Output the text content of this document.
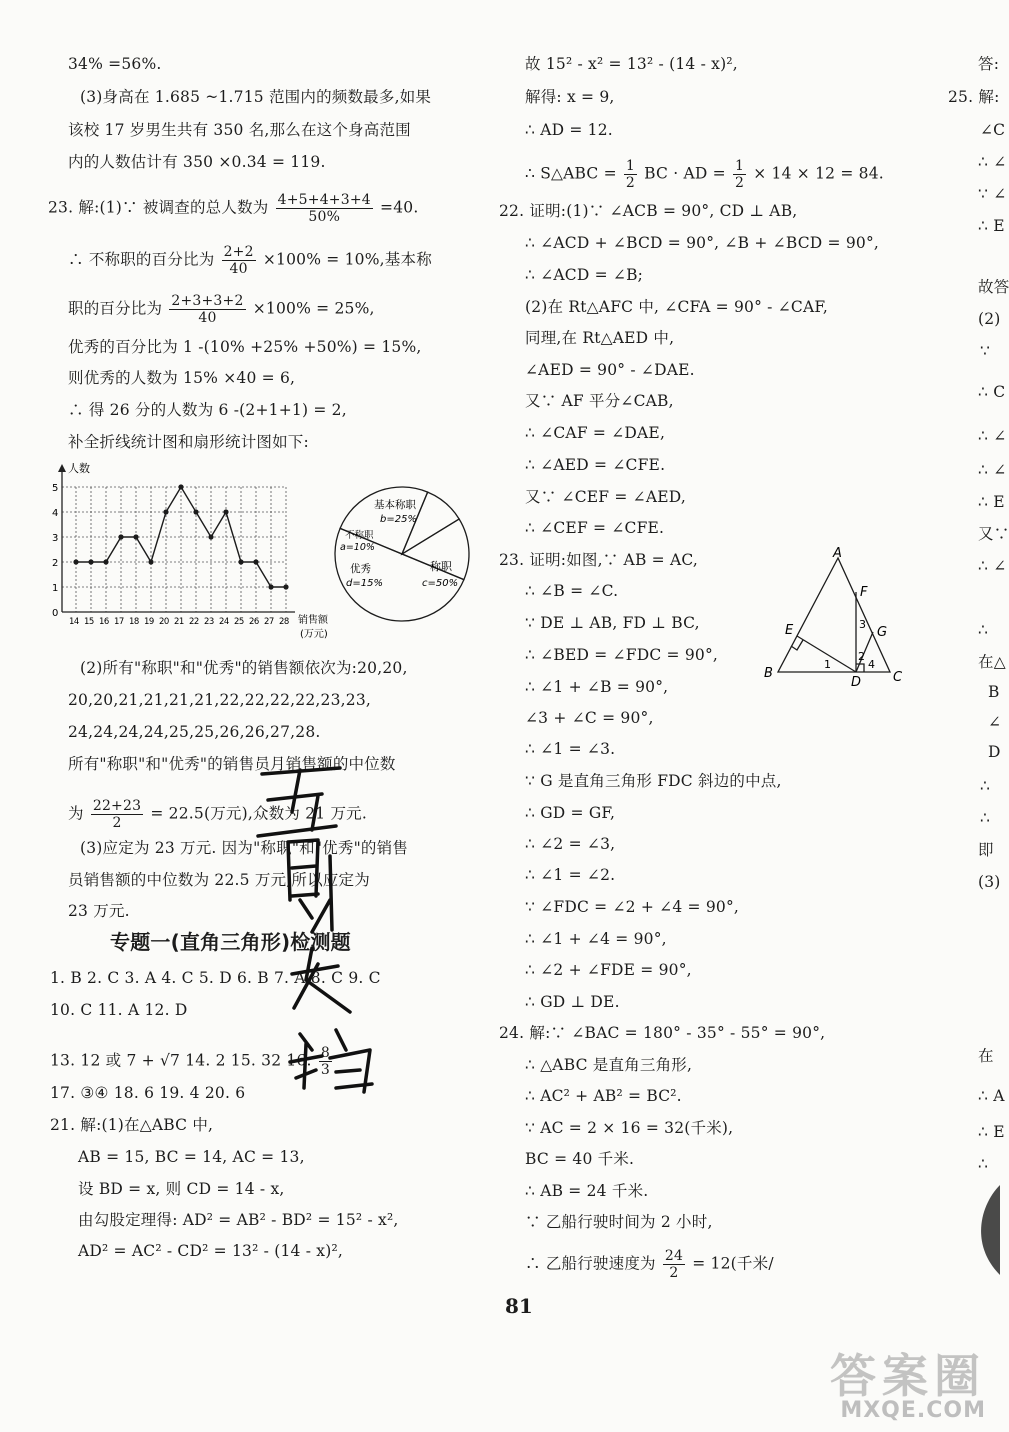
34% =56%.
(3)身高在 1.685 ~1.715 范围内的频数最多,如果
该校 17 岁男生共有 350 名,那么在这个身高范围
内的人数估计有 350 ×0.34 = 119.
23. 解:(1)∵ 被调查的总人数为 $\frac{4+5+4+3+4}{50\%} =40$.
∴ 不称职的百分比为 $\frac{2+2}{40} \times 100\% = 10\%$,基本称
职的百分比为 $\frac{2+3+3+2}{40} \times 100\% = 25\%$,
优秀的百分比为 1 -(10% +25% +50%) = 15%,
则优秀的人数为 15% ×40 = 6,
∴ 得 26 分的人数为 6 -(2+1+1) = 2,
补全折线统计图和扇形统计图如下:
人数
销售额
(万元)
0
1
2
3
4
5
14 15 16 17 18 19 20 21 22 23 24 25 26 27 28
基本称职
b=25%
不称职
a=10%
优秀
d=15%
称职
c=50%
(2)所有"称职"和"优秀"的销售额依次为:20,20,
20,20,21,21,21,21,22,22,22,22,23,23,
24,24,24,24,25,25,26,26,27,28.
所有"称职"和"优秀"的销售员月销售额的中位数
为 $\frac{22+23}{2} = 22.5$(万元),众数为 21 万元.
(3)应定为 23 万元. 因为"称职"和"优秀"的销售
员销售额的中位数为 22.5 万元,所以应定为
23 万元.
专题一(直角三角形)检测题
1. B 2. C 3. A 4. C 5. D 6. B 7. A 8. C 9. C
10. C 11. A 12. D
13. 12 或 7 + √7 14. 2 15. 32 16. $\frac{8}{3}$
17. ③④ 18. 6 19. 4 20. 6
21. 解:(1)在△ABC 中,
AB = 15, BC = 14, AC = 13,
设 BD = x, 则 CD = 14 - x,
由勾股定理得: AD² = AB² - BD² = 15² - x²,
AD² = AC² - CD² = 13² - (14 - x)²,
故 15² - x² = 13² - (14 - x)²,
解得: x = 9,
∴ AD = 12.
∴ S△ABC = $\frac{1}{2}$ BC · AD = $\frac{1}{2} \times 14 \times 12 = 84$.
22. 证明:(1)∵ ∠ACB = 90°, CD ⊥ AB,
∴ ∠ACD + ∠BCD = 90°, ∠B + ∠BCD = 90°,
∴ ∠ACD = ∠B;
(2)在 Rt△AFC 中, ∠CFA = 90° - ∠CAF,
同理,在 Rt△AED 中,
∠AED = 90° - ∠DAE.
又∵ AF 平分∠CAB,
∴ ∠CAF = ∠DAE,
∴ ∠AED = ∠CFE.
又∵ ∠CEF = ∠AED,
∴ ∠CEF = ∠CFE.
23. 证明:如图,∵ AB = AC,
∴ ∠B = ∠C.
∵ DE ⊥ AB, FD ⊥ BC,
∴ ∠BED = ∠FDC = 90°,
∴ ∠1 + ∠B = 90°,
∠3 + ∠C = 90°,
∴ ∠1 = ∠3.
∵ G 是直角三角形 FDC 斜边的中点,
∴ GD = GF,
∴ ∠2 = ∠3,
∴ ∠1 = ∠2.
∵ ∠FDC = ∠2 + ∠4 = 90°,
∴ ∠1 + ∠4 = 90°,
∴ ∠2 + ∠FDE = 90°,
∴ GD ⊥ DE.
24. 解:∵ ∠BAC = 180° - 35° - 55° = 90°,
∴ △ABC 是直角三角形,
∴ AC² + AB² = BC².
∵ AC = 2 × 16 = 32(千米),
BC = 40 千米.
∴ AB = 24 千米.
∵ 乙船行驶时间为 2 小时,
∴ 乙船行驶速度为 $\frac{24}{2} = 12$(千米/
A
B	C
D
E
F
G
1
2
3
4
答:
25. 解:
∠C
∴ ∠
∵ ∠
∴ E
故答
(2)
∵
∴ C
∴ ∠
∴ ∠
∴ E
又∵
∴ ∠
∴
在△
B
∠
D
∴
∴
即
(3)
在
∴ A
∴ E
∴
81
答案圈
MXQE.COM
